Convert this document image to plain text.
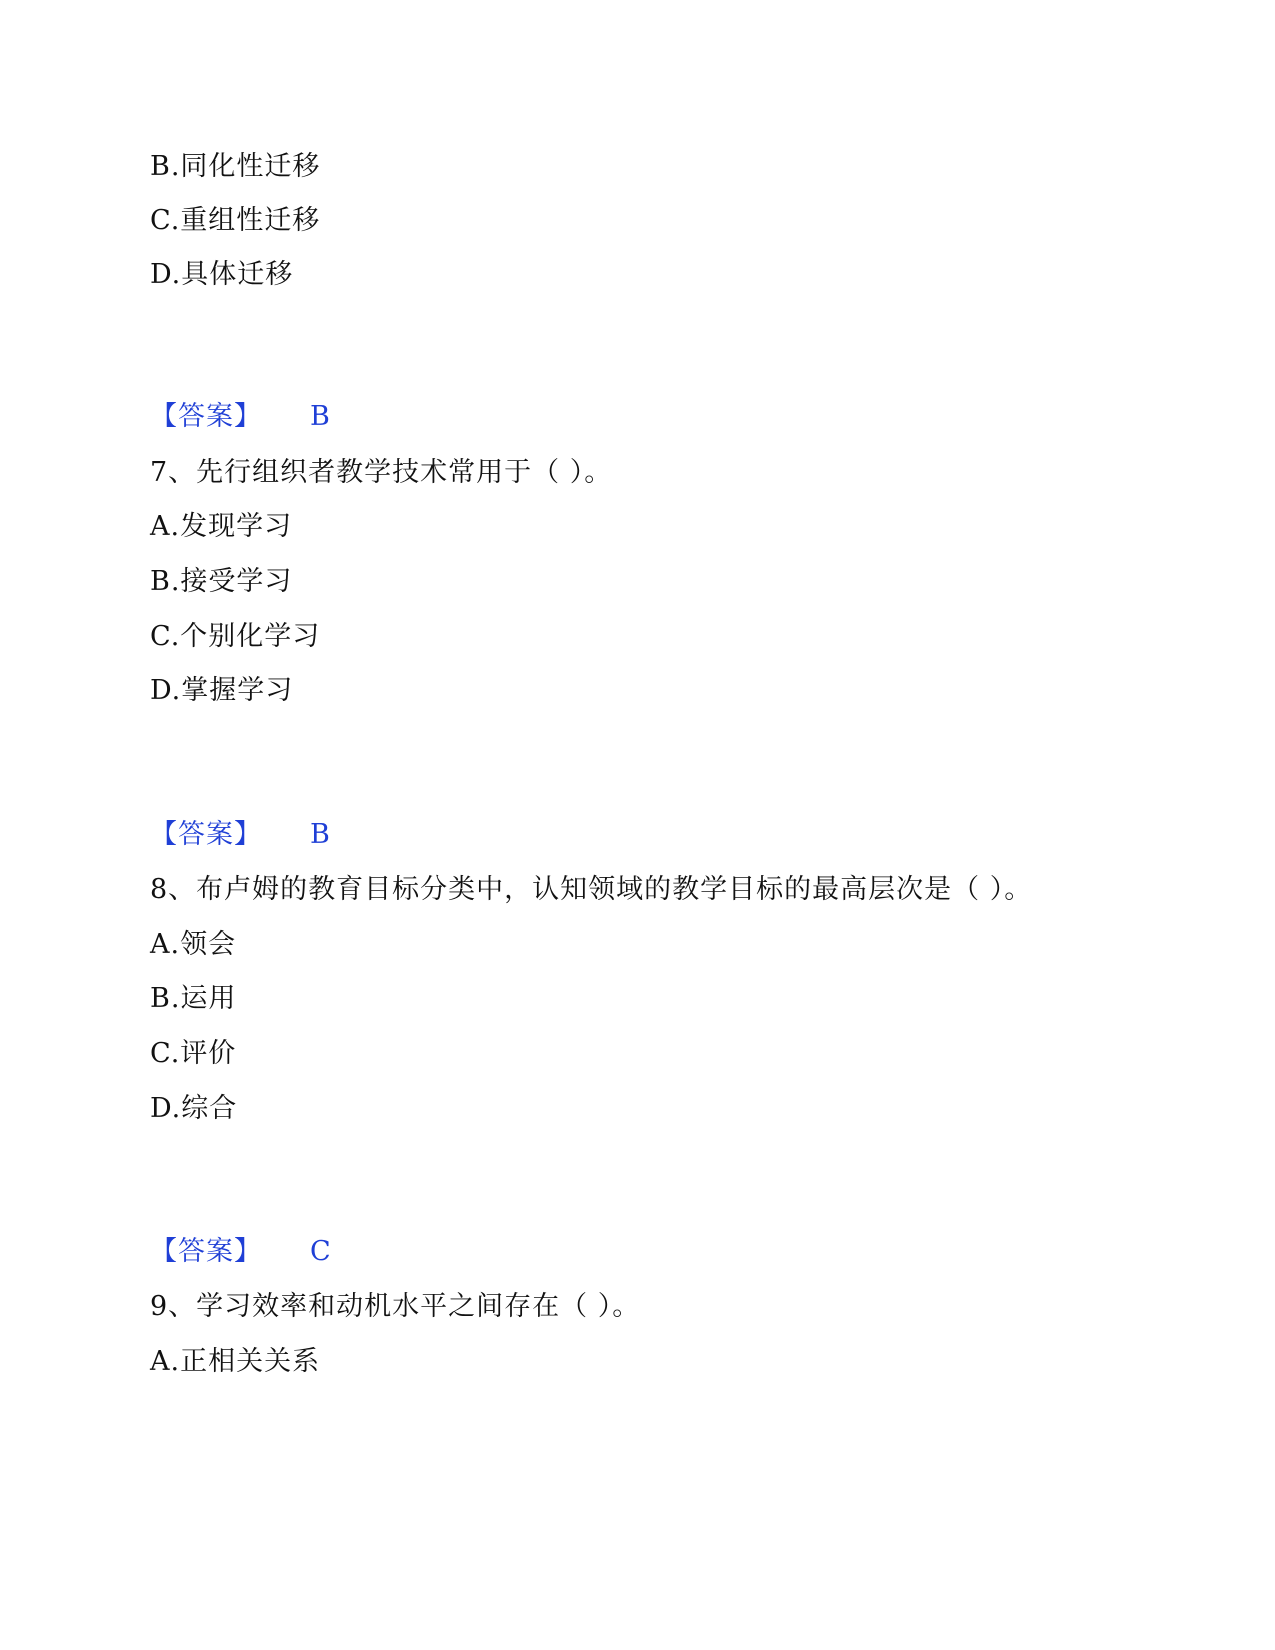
B.同化性迁移
C.重组性迁移
D.具体迁移
【答案】 B
7、先行组织者教学技术常用于（ ）。
A.发现学习
B.接受学习
C.个别化学习
D.掌握学习
【答案】 B
8、布卢姆的教育目标分类中，认知领域的教学目标的最高层次是（ ）。
A.领会
B.运用
C.评价
D.综合
【答案】 C
9、学习效率和动机水平之间存在（ ）。
A.正相关关系
